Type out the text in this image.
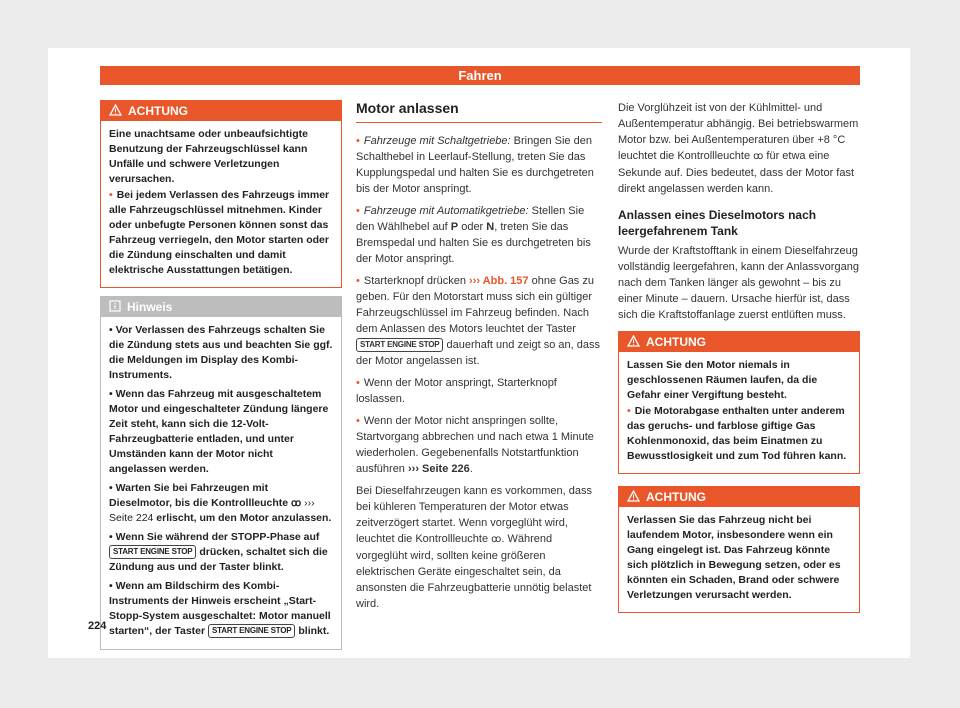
Fahren
ACHTUNG

Eine unachtsame oder unbeaufsichtigte Benutzung der Fahrzeugschlüssel kann Unfälle und schwere Verletzungen verursachen.

• Bei jedem Verlassen des Fahrzeugs immer alle Fahrzeugschlüssel mitnehmen. Kinder oder unbefugte Personen können sonst das Fahrzeug verriegeln, den Motor starten oder die Zündung einschalten und damit elektrische Ausstattungen betätigen.

Hinweis

• Vor Verlassen des Fahrzeugs schalten Sie die Zündung stets aus und beachten Sie ggf. die Meldungen im Display des Kombi-Instruments.

• Wenn das Fahrzeug mit ausgeschaltetem Motor und eingeschalteter Zündung längere Zeit steht, kann sich die 12-Volt-Fahrzeugbatterie entladen, und unter Umständen kann der Motor nicht angelassen werden.

• Warten Sie bei Fahrzeugen mit Dieselmotor, bis die Kontrollleuchte ꝏ ››› Seite 224 erlischt, um den Motor anzulassen.

• Wenn Sie während der STOPP-Phase auf START ENGINE STOP drücken, schaltet sich die Zündung aus und der Taster blinkt.

• Wenn am Bildschirm des Kombi-Instruments der Hinweis erscheint „Start-Stopp-System ausgeschaltet: Motor manuell starten“, der Taster START ENGINE STOP blinkt.

Motor anlassen

• Fahrzeuge mit Schaltgetriebe: Bringen Sie den Schalthebel in Leerlauf-Stellung, treten Sie das Kupplungspedal und halten Sie es durchgetreten bis der Motor anspringt.

• Fahrzeuge mit Automatikgetriebe: Stellen Sie den Wählhebel auf P oder N, treten Sie das Bremspedal und halten Sie es durchgetreten bis der Motor anspringt.

• Starterknopf drücken ››› Abb. 157 ohne Gas zu geben. Für den Motorstart muss sich ein gültiger Fahrzeugschlüssel im Fahrzeug befinden. Nach dem Anlassen des Motors leuchtet der Taster START ENGINE STOP dauerhaft und zeigt so an, dass der Motor angelassen ist.

• Wenn der Motor anspringt, Starterknopf loslassen.

• Wenn der Motor nicht anspringen sollte, Startvorgang abbrechen und nach etwa 1 Minute wiederholen. Gegebenenfalls Notstartfunktion ausführen ››› Seite 226.

Bei Dieselfahrzeugen kann es vorkommen, dass bei kühleren Temperaturen der Motor etwas zeitverzögert startet. Wenn vorgeglüht wird, leuchtet die Kontrollleuchte ꝏ. Während vorgeglüht wird, sollten keine größeren elektrischen Geräte eingeschaltet sein, da ansonsten die Fahrzeugbatterie unnötig belastet wird.

Die Vorglühzeit ist von der Kühlmittel- und Außentemperatur abhängig. Bei betriebswarmem Motor bzw. bei Außentemperaturen über +8 °C leuchtet die Kontrollleuchte ꝏ für etwa eine Sekunde auf. Dies bedeutet, dass der Motor fast direkt angelassen werden kann.

Anlassen eines Dieselmotors nach leergefahrenem Tank

Wurde der Kraftstofftank in einem Dieselfahrzeug vollständig leergefahren, kann der Anlassvorgang nach dem Tanken länger als gewohnt – bis zu einer Minute – dauern. Ursache hierfür ist, dass sich die Kraftstoffanlage zuerst entlüften muss.

ACHTUNG

Lassen Sie den Motor niemals in geschlossenen Räumen laufen, da die Gefahr einer Vergiftung besteht.

• Die Motorabgase enthalten unter anderem das geruchs- und farblose giftige Gas Kohlenmonoxid, das beim Einatmen zu Bewusstlosigkeit und zum Tod führen kann.

ACHTUNG

Verlassen Sie das Fahrzeug nicht bei laufendem Motor, insbesondere wenn ein Gang eingelegt ist. Das Fahrzeug könnte sich plötzlich in Bewegung setzen, oder es könnten ein Schaden, Brand oder schwere Verletzungen verursacht werden.

224
